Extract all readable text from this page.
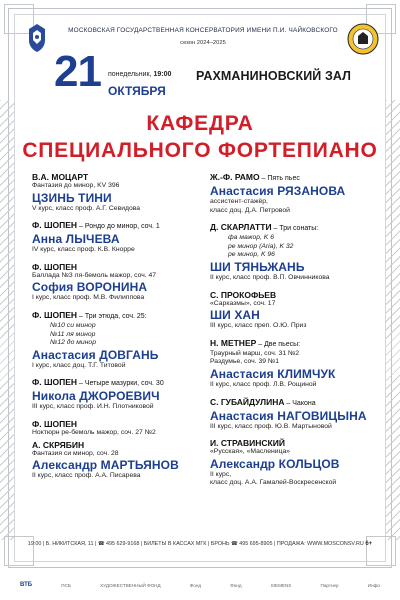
МОСКОВСКАЯ ГОСУДАРСТВЕННАЯ КОНСЕРВАТОРИЯ ИМЕНИ П.И. ЧАЙКОВСКОГО
сезон 2024–2025
21 понедельник, 19:00
ОКТЯБРЯ
РАХМАНИНОВСКИЙ ЗАЛ
КАФЕДРА
СПЕЦИАЛЬНОГО ФОРТЕПИАНО
В.А. МОЦАРТ
Фантазия до минор, KV 396
ЦЗИНЬ ТИНИ
V курс, класс проф. А.Г. Севидова
Ф. ШОПЕН – Рондо до минор, соч. 1
Анна ЛЫЧЕВА
IV курс, класс проф. К.В. Кнорре
Ф. ШОПЕН
Баллада №3 ля-бемоль мажор, соч. 47
София ВОРОНИНА
I курс, класс проф. М.В. Филиппова
Ф. ШОПЕН – Три этюда, соч. 25:
№10 си минор
№11 ля минор
№12 до минор
Анастасия ДОВГАНЬ
I курс, класс доц. Т.Г. Титовой
Ф. ШОПЕН – Четыре мазурки, соч. 30
Никола ДЖОРОЕВИЧ
III курс, класс проф. И.Н. Плотниковой
Ф. ШОПЕН
Ноктюрн ре-бемоль мажор, соч. 27 №2
А. СКРЯБИН
Фантазия си минор, соч. 28
Александр МАРТЬЯНОВ
II курс, класс проф. А.А. Писарева
Ж.-Ф. РАМО – Пять пьес
Анастасия РЯЗАНОВА
ассистент-стажёр,
класс доц. Д.А. Петровой
Д. СКАРЛАТТИ – Три сонаты:
фа мажор, K 6
ре минор (Aria), K 32
ре минор, K 96
ШИ ТЯНЬЖАНЬ
II курс, класс проф. В.П. Овчинникова
С. ПРОКОФЬЕВ
«Сарказмы», соч. 17
ШИ ХАН
III курс, класс преп. О.Ю. Приз
Н. МЕТНЕР – Две пьесы:
Траурный марш, соч. 31 №2
Раздумье, соч. 39 №1
Анастасия КЛИМЧУК
II курс, класс проф. Л.В. Рощиной
С. ГУБАЙДУЛИНА – Чакона
Анастасия НАГОВИЦЫНА
III курс, класс проф. Ю.В. Мартыновой
И. СТРАВИНСКИЙ
«Русская», «Масленица»
Александр КОЛЬЦОВ
II курс,
класс доц. А.А. Гамалей-Воскресенской
19:00 | Б. НИКИТСКАЯ, 11 | ☎ 495 629-9168 | БИЛЕТЫ В КАССАХ МГК | БРОНЬ ☎ 495 695-8905 | ПРОДАЖА: WWW.MOSCONSV.RU 6+
ВТБ	ПСБ	ХУДОЖЕСТВЕННЫЙ ФОНД	Фонд	Фонд	SIEMENS	Партнер	Инфо
